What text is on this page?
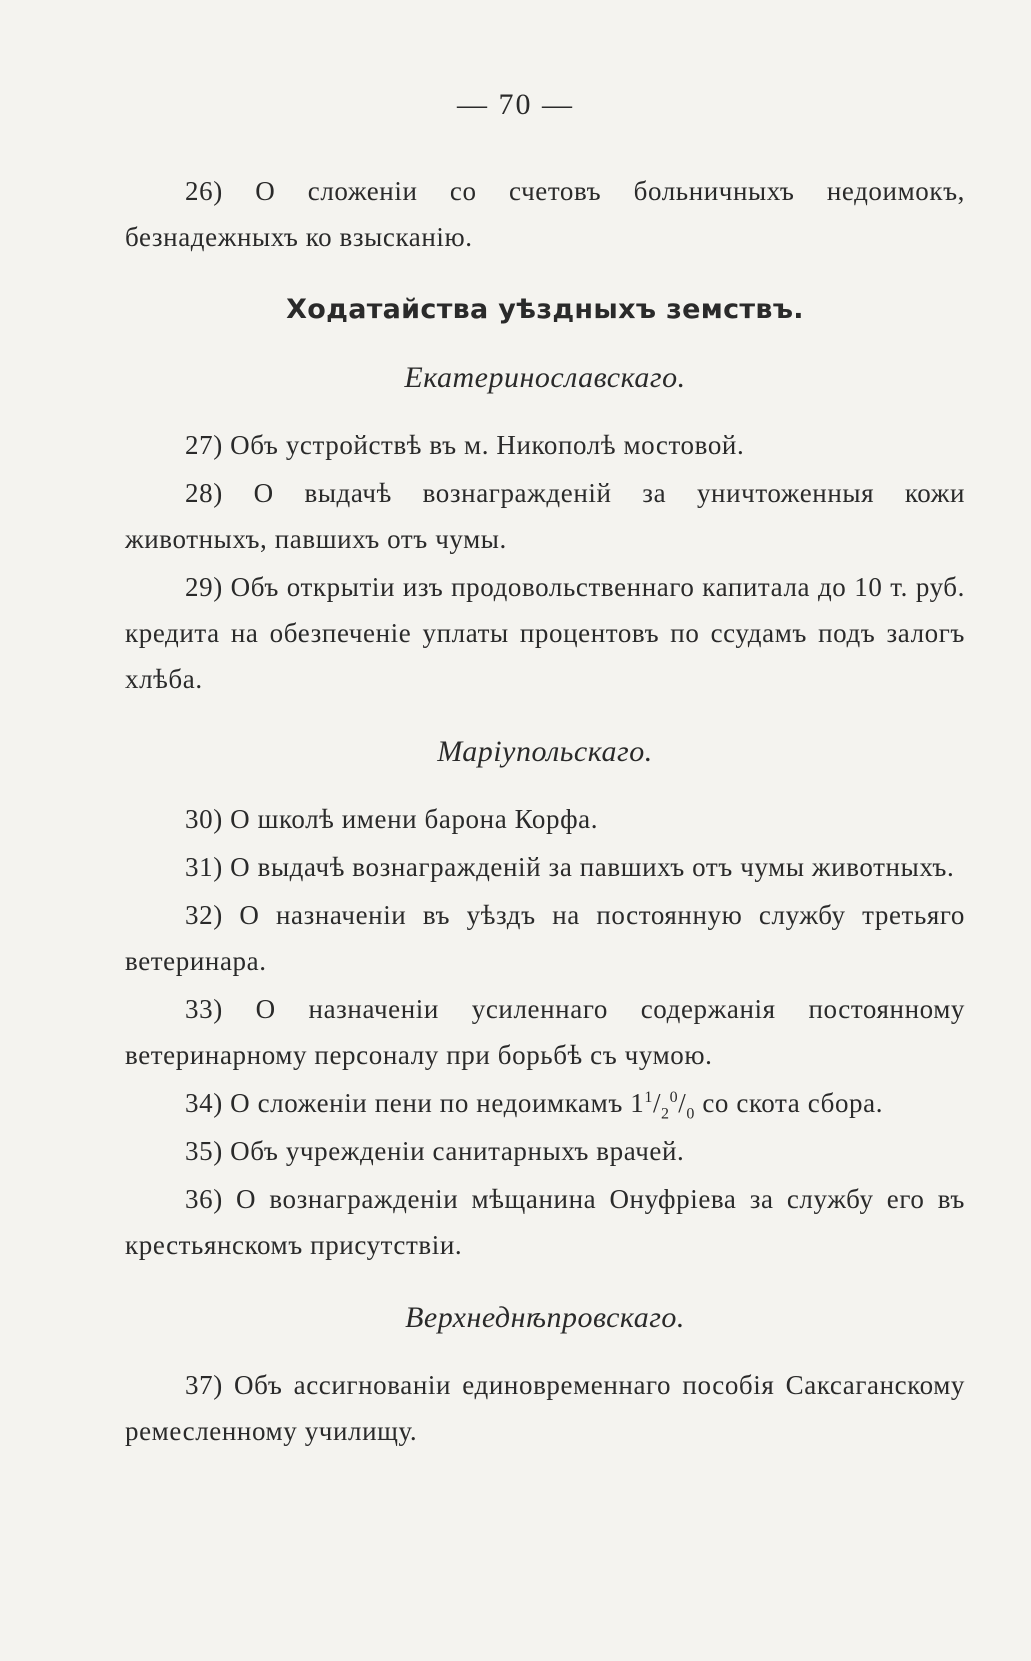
— 70 —

26) О сложеніи со счетовъ больничныхъ недоимокъ, безнадежныхъ ко взысканію.

Ходатайства уѣздныхъ земствъ.
Екатеринославскаго.

27) Объ устройствѣ въ м. Никополѣ мостовой.

28) О выдачѣ вознагражденій за уничтоженныя кожи животныхъ, павшихъ отъ чумы.

29) Объ открытіи изъ продовольственнаго капитала до 10 т. руб. кредита на обезпеченіе уплаты процентовъ по ссудамъ подъ залогъ хлѣба.

Маріупольскаго.

30) О школѣ имени барона Корфа.

31) О выдачѣ вознагражденій за павшихъ отъ чумы животныхъ.

32) О назначеніи въ уѣздъ на постоянную службу третьяго ветеринара.

33) О назначеніи усиленнаго содержанія постоянному ветеринарному персоналу при борьбѣ съ чумою.

34) О сложеніи пени по недоимкамъ $1^1/_2^0/_0$ со скота сбора.

35) Объ учрежденіи санитарныхъ врачей.

36) О вознагражденіи мѣщанина Онуфріева за службу его въ крестьянскомъ присутствіи.

Верхнеднѣпровскаго.

37) Объ ассигнованіи единовременнаго пособія Саксаганскому ремесленному училищу.
